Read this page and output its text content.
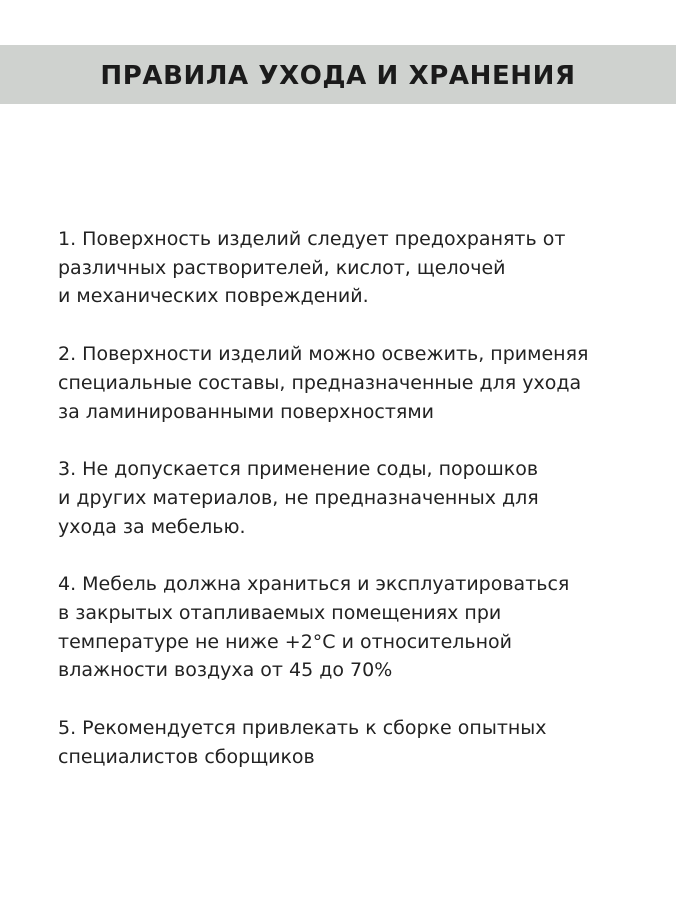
ПРАВИЛА УХОДА И ХРАНЕНИЯ
1. Поверхность изделий следует предохранять от
различных растворителей, кислот, щелочей
и механических повреждений.
2. Поверхности изделий можно освежить, применяя
специальные составы, предназначенные для ухода
за ламинированными поверхностями
3. Не допускается применение соды, порошков
и других материалов, не предназначенных для
ухода за мебелью.
4. Мебель должна храниться и эксплуатироваться
в закрытых отапливаемых помещениях при
температуре не ниже +2°С и относительной
влажности воздуха от 45 до 70%
5. Рекомендуется привлекать к сборке опытных
специалистов сборщиков
